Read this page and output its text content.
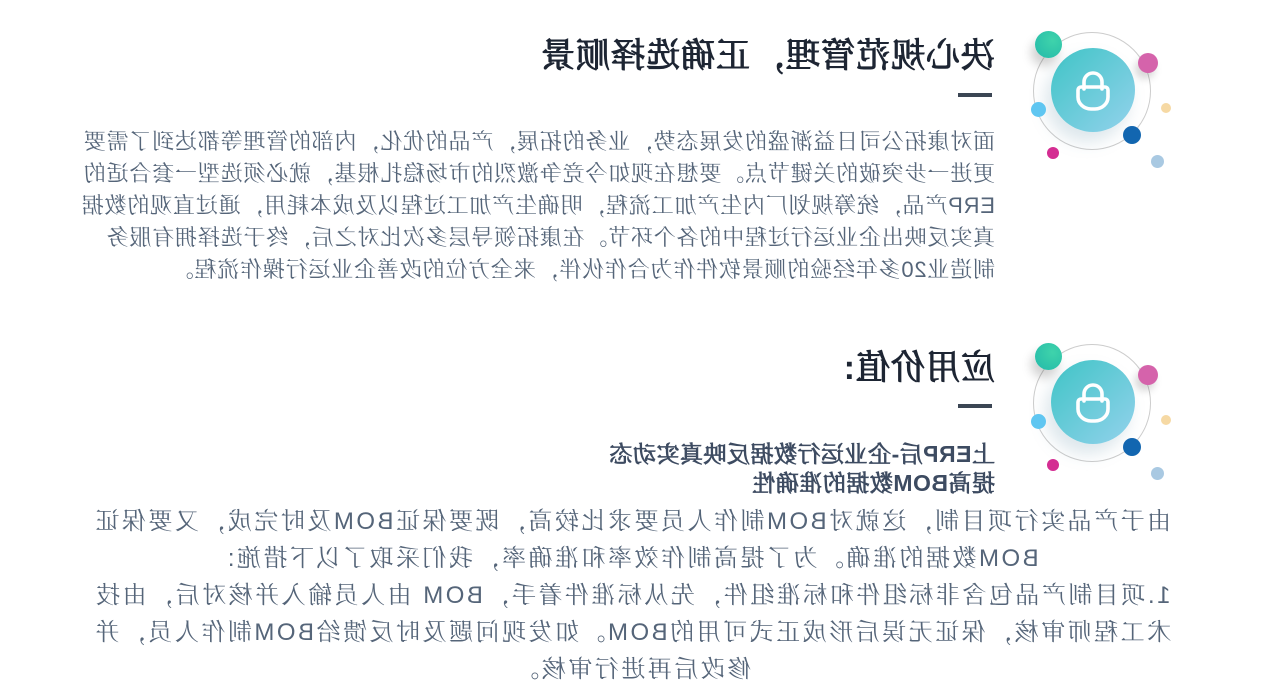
决心规范管理，正确选择顺景
面对康拓公司日益渐盛的发展态势，业务的拓展，产品的优化，内部的管理等都达到了需要
更进一步突破的关键节点。要想在现如今竞争激烈的市场稳扎根基，就必须选型一套合适的
ERP产品，统筹规划厂内生产加工流程，明确生产加工过程以及成本耗用，通过直观的数据
真实反映出企业运行过程中的各个环节。在康拓领导层多次比对之后，终于选择拥有服务
制造业20多年经验的顺景软件作为合作伙伴，来全方位的改善企业运行操作流程。
应用价值:
上ERP后-企业运行数据反映真实动态
提高BOM数据的准确性
由于产品实行项目制，这就对BOM制作人员要求比较高，既要保证BOM及时完成，又要保证
BOM数据的准确。为了提高制作效率和准确率，我们采取了以下措施:
1.项目制产品包含非标组件和标准组件，先从标准件着手，BOM 由人员输入并核对后，由技
术工程师审核，保证无误后形成正式可用的BOM。如发现问题及时反馈给BOM制作人员，并
修改后再进行审核。
